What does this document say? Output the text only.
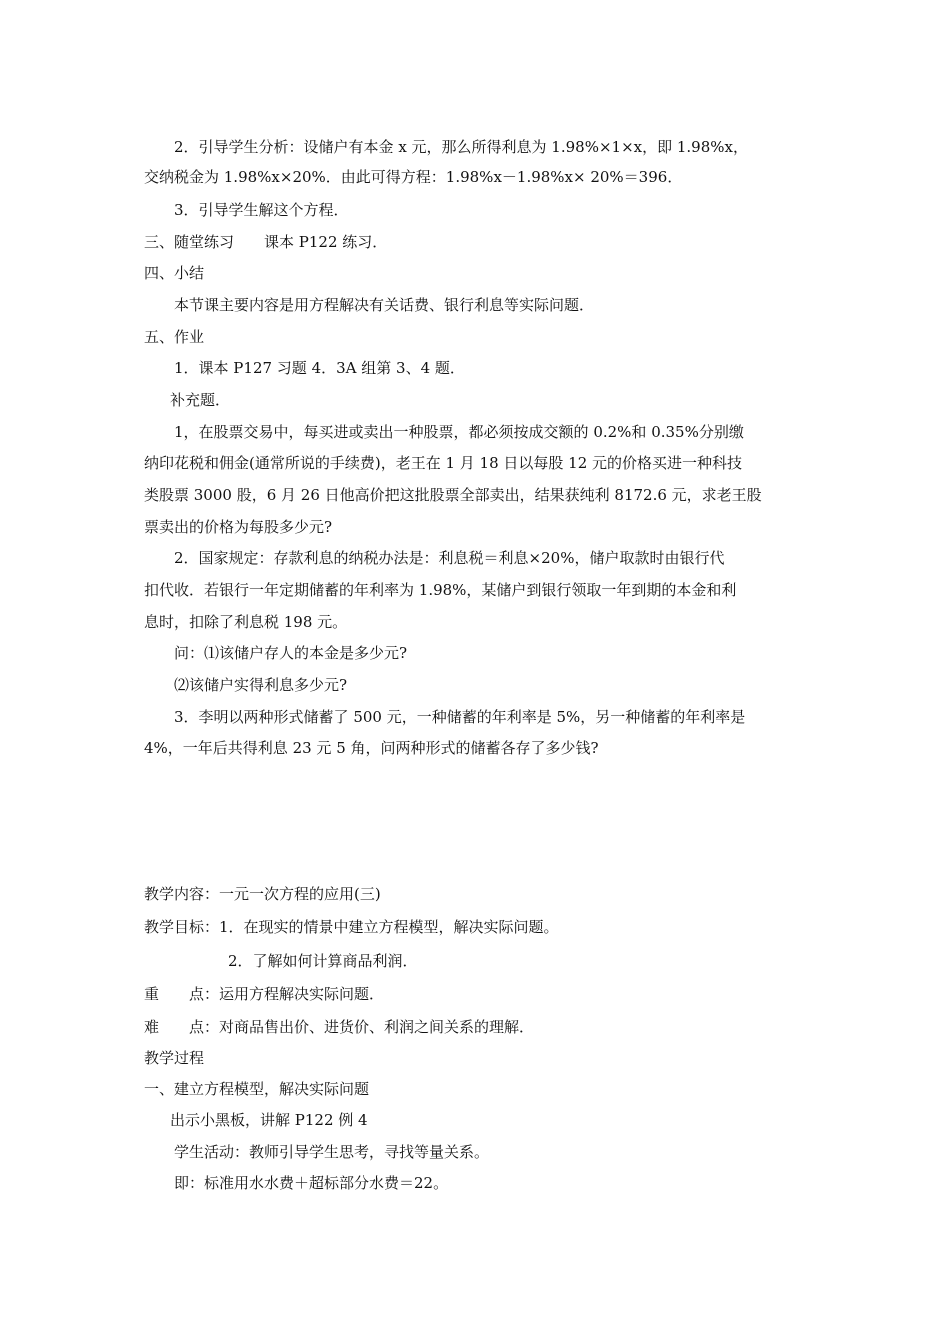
2．引导学生分析：设储户有本金 x 元，那么所得利息为 1.98%×1×x，即 1.98%x，
交纳税金为 1.98%x×20%．由此可得方程：1.98%x－1.98%x× 20%＝396．
3．引导学生解这个方程．
三、随堂练习　　课本 P122 练习．
四、小结
本节课主要内容是用方程解决有关话费、银行利息等实际问题．
五、作业
1．课本 P127 习题 4．3A 组第 3、4 题．
补充题．
1，在股票交易中，每买进或卖出一种股票，都必须按成交额的 0.2%和 0.35%分别缴
纳印花税和佣金(通常所说的手续费)，老王在 1 月 18 日以每股 12 元的价格买进一种科技
类股票 3000 股，6 月 26 日他高价把这批股票全部卖出，结果获纯利 8172.6 元，求老王股
票卖出的价格为每股多少元?
2．国家规定：存款利息的纳税办法是：利息税＝利息×20%，储户取款时由银行代
扣代收．若银行一年定期储蓄的年利率为 1.98%，某储户到银行领取一年到期的本金和利
息时，扣除了利息税 198 元。
问：⑴该储户存人的本金是多少元?
⑵该储户实得利息多少元?
3．李明以两种形式储蓄了 500 元，一种储蓄的年利率是 5%，另一种储蓄的年利率是
4%，一年后共得利息 23 元 5 角，问两种形式的储蓄各存了多少钱?
教学内容：一元一次方程的应用(三)
教学目标：1．在现实的情景中建立方程模型，解决实际问题。
2．了解如何计算商品利润．
重　　点：运用方程解决实际问题．
难　　点：对商品售出价、进货价、利润之间关系的理解．
教学过程
一、建立方程模型，解决实际问题
出示小黑板，讲解 P122 例 4
学生活动：教师引导学生思考，寻找等量关系。
即：标准用水水费＋超标部分水费＝22。
